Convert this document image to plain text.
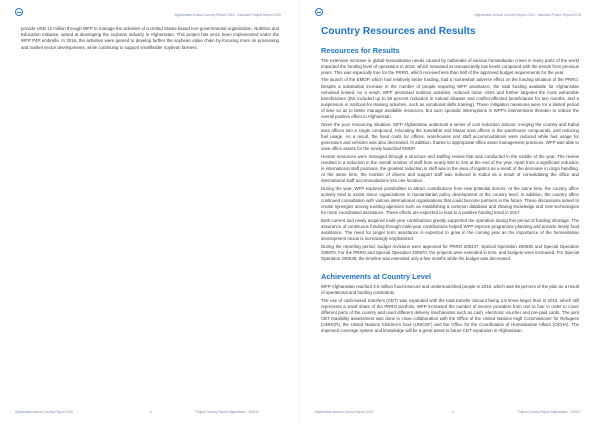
Afghanistan Annual Country Report 2016 - Standard Project Report 2016

provide USD 12 million through WFP to manage the activities of a United States-based non-governmental organization, Nutrition and Education Initiative, aimed at developing the soybean industry in Afghanistan. This project has since been implemented under the WFP P4P umbrella. In 2016, the activities were geared to develop further the soybean value chain by focusing more on processing and market sector developments, while continuing to support smallholder soybean farmers.

Afghanistan Annual Country Report 2016	5	Project Country Report Afghanistan - 200447
Afghanistan Annual Country Report 2016 - Standard Project Report 2016
Country Resources and Results
Resources for Results

The extensive increase in global humanitarian needs caused by outbreaks of various humanitarian crises in many parts of the world impacted the funding level of operations in 2016, which remained at unexpectedly low levels compared with the trends from previous years. This was especially true for the PRRO, which received less than half of the approved budget requirements for the year.

The launch of the EMOP, which had relatively better funding, had a 'somewhat' adverse effect on the funding situation of the PRRO. Despite a substantial increase in the number of people requiring WFP assistance, the total funding available for Afghanistan remained limited. As a result, WFP prioritised nutrition activities, reduced ration sizes and further targeted the most vulnerable beneficiaries (this included up to 50 percent reduction in natural disaster and conflict-affected beneficiaries for two months, and a suspension in nonfood-for-training activities, such as vocational skills training). These mitigation measures were for a limited period of time so as to better manage available resources, but such sporadic interruptions in WFP's interventions threaten to reduce the overall positive effect in Afghanistan.

Given the poor resourcing situation, WFP Afghanistan undertook a series of cost reduction actions: merging the country and Kabul area offices into a single compound, relocating the Kandahar and Mazar area offices in the warehouse compounds, and reducing fuel usage. As a result, the fixed costs for offices, warehouses and staff accommodations were reduced while fuel usage for generators and vehicles was also decreased. In addition, thanks to appropriate office asset management practices, WFP was able to save office assets for the newly launched EMOP.

Human resources were managed through a structure and staffing review that was conducted in the middle of the year. The review resulted in a reduction in the overall number of staff from nearly 500 to 440 at the end of the year. Apart from a significant reduction in international staff positions, the greatest reduction in staff was in the area of logistics as a result of the decrease in cargo handling. At the same time, the number of drivers and support staff was reduced in Kabul as a result of consolidating the office and international staff accommodations into one location.

During the year, WFP explored possibilities to attract contributions from new potential donors. At the same time, the country office actively tried to assist donor organizations in humanitarian policy development at the country level. In addition, the country office continued consultation with various international organisations that could become partners in the future. These discussions aimed to create synergies among existing agencies such as establishing a common database and sharing knowledge and new technologies for more coordinated assistance. These efforts are expected to lead to a positive funding trend in 2017.

Both current and newly acquired multi-year contributions greatly supported the operation during this period of funding shortage. The assurance of continuous funding through multi-year contributions helped WFP improve programme planning and provide timely food assistance. The need for longer term assistance is expected to grow in the coming year as the importance of the humanitarian development nexus is increasingly emphasized.

During the reporting period, budget revisions were approved for PRRO 200447, Special Operation 200635 and Special Operation 200870. For the PRRO and Special Operation 200870, the projects were extended in time, and budgets were increased. For Special Operation 200635, the timeline was extended only a few months while the budget was decreased.

Achievements at Country Level

WFP Afghanistan reached 3.5 million food-insecure and undernourished people in 2016, which was 96 percent of the plan as a result of operational and funding constraints.

The use of cash-based transfers (CBT) was expanded with the total transfer amount being 2.5 times larger than in 2015, which still represents a small share of the PRRO portfolio. WFP increased the number of service providers from one to four in order to cover different parts of the country and used different delivery mechanisms such as cash, electronic voucher and pre-paid cards. The joint CBT feasibility assessment was done in close collaboration with the Office of the United Nations High Commissioner for Refugees (UNHCR), the United Nations Children's fund (UNICEF) and the Office for the Coordination of Humanitarian Affairs (OCHA). The improved coverage system and knowledge will be a great asset to future CBT expansion in Afghanistan.

Afghanistan Annual Country Report 2016	6	Project Country Report Afghanistan - 200447
